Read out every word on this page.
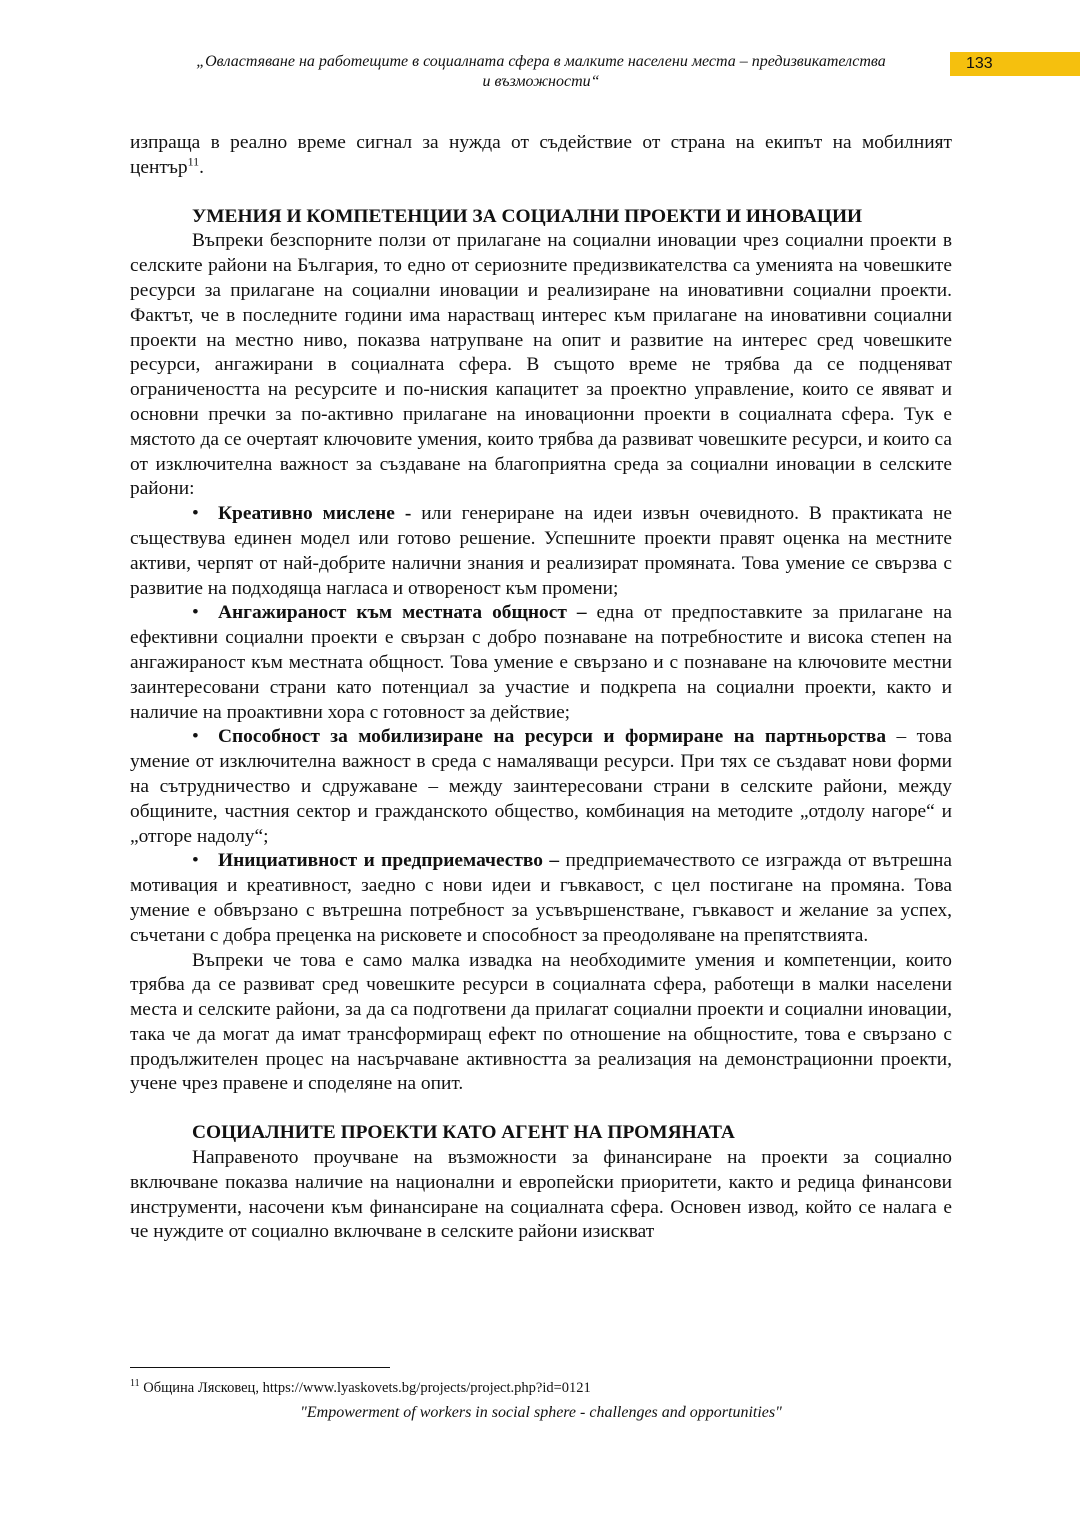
„Овластяване на работещите в социалната сфера в малките населени места – предизвикателства
и възможности“
133

изпраща в реално време сигнал за нужда от съдействие от страна на екипът на мобилният център$^{11}$.

УМЕНИЯ И КОМПЕТЕНЦИИ ЗА СОЦИАЛНИ ПРОЕКТИ И ИНОВАЦИИ

Въпреки безспорните ползи от прилагане на социални иновации чрез социални проекти в селските райони на България, то едно от сериозните предизвикателства са уменията на човешките ресурси за прилагане на социални иновации и реализиране на иновативни социални проекти. Фактът, че в последните години има нарастващ интерес към прилагане на иновативни социални проекти на местно ниво, показва натрупване на опит и развитие на интерес сред човешките ресурси, ангажирани в социалната сфера. В същото време не трябва да се подценяват ограничеността на ресурсите и по-ниския капацитет за проектно управление, които се явяват и основни пречки за по-активно прилагане на иновационни проекти в социалната сфера. Тук е мястото да се очертаят ключовите умения, които трябва да развиват човешките ресурси, и които са от изключителна важност за създаване на благоприятна среда за социални иновации в селските райони:

• Креативно мислене - или генериране на идеи извън очевидното. В практиката не съществува единен модел или готово решение. Успешните проекти правят оценка на местните активи, черпят от най-добрите налични знания и реализират промяната. Това умение се свързва с развитие на подходяща нагласа и отвореност към промени;

• Ангажираност към местната общност – една от предпоставките за прилагане на ефективни социални проекти е свързан с добро познаване на потребностите и висока степен на ангажираност към местната общност. Това умение е свързано и с познаване на ключовите местни заинтересовани страни като потенциал за участие и подкрепа на социални проекти, както и наличие на проактивни хора с готовност за действие;

• Способност за мобилизиране на ресурси и формиране на партньорства – това умение от изключителна важност в среда с намаляващи ресурси. При тях се създават нови форми на сътрудничество и сдружаване – между заинтересовани страни в селските райони, между общините, частния сектор и гражданското общество, комбинация на методите „отдолу нагоре“ и „отгоре надолу“;

• Инициативност и предприемачество – предприемачеството се изгражда от вътрешна мотивация и креативност, заедно с нови идеи и гъвкавост, с цел постигане на промяна. Това умение е обвързано с вътрешна потребност за усъвършенстване, гъвкавост и желание за успех, съчетани с добра преценка на рисковете и способност за преодоляване на препятствията.

Въпреки че това е само малка извадка на необходимите умения и компетенции, които трябва да се развиват сред човешките ресурси в социалната сфера, работещи в малки населени места и селските райони, за да са подготвени да прилагат социални проекти и социални иновации, така че да могат да имат трансформиращ ефект по отношение на общностите, това е свързано с продължителен процес на насърчаване активността за реализация на демонстрационни проекти, учене чрез правене и споделяне на опит.

СОЦИАЛНИТЕ ПРОЕКТИ КАТО АГЕНТ НА ПРОМЯНАТА

Направеното проучване на възможности за финансиране на проекти за социално включване показва наличие на национални и европейски приоритети, както и редица финансови инструменти, насочени към финансиране на социалната сфера. Основен извод, който се налага е че нуждите от социално включване в селските райони изискват

$^{11}$ Община Лясковец, https://www.lyaskovets.bg/projects/project.php?id=0121
"Empowerment of workers in social sphere - challenges and opportunities"
